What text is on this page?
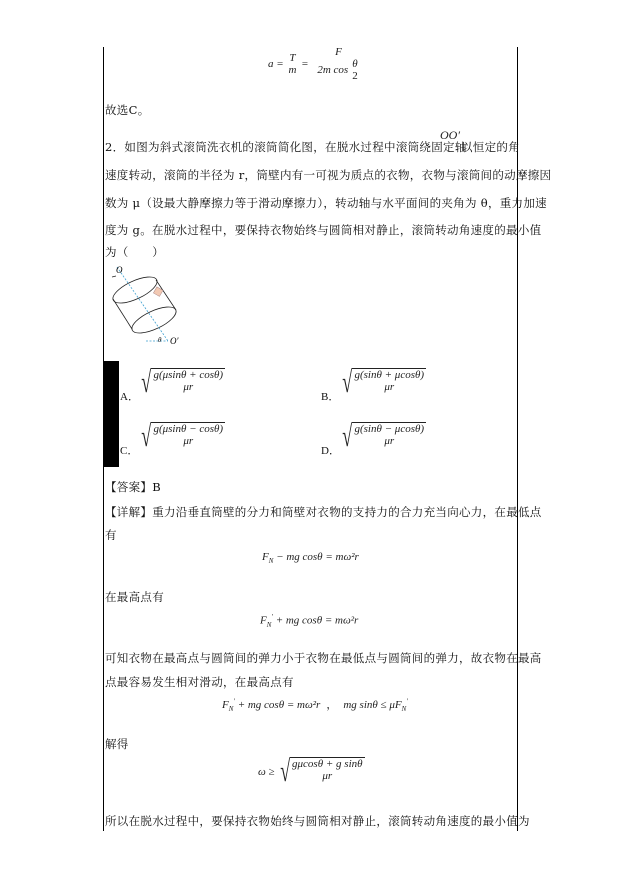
a = T
m =
F
2m cos θ
2
故选C。
2．如图为斜式滚筒洗衣机的滚筒简化图，在脱水过程中滚筒绕固定轴
OO′
以恒定的角
速度转动，滚筒的半径为 r，筒壁内有一可视为质点的衣物，衣物与滚筒间的动摩擦因
数为 μ（设最大静摩擦力等于滑动摩擦力），转动轴与水平面间的夹角为 θ，重力加速
度为 g。在脱水过程中，要保持衣物始终与圆筒相对静止，滚筒转动角速度的最小值
为（　　）
O
θ O′
A． √ g(μsinθ + cosθ)
μr
B． √ g(sinθ + μcosθ)
μr
C． √ g(μsinθ − cosθ)
μr
D． √ g(sinθ − μcosθ)
μr
【答案】B
【详解】重力沿垂直筒壁的分力和筒壁对衣物的支持力的合力充当向心力，在最低点
有
$F_N$ − mg cosθ = mω²r
在最高点有
$F_N'$ + mg cosθ = mω²r
可知衣物在最高点与圆筒间的弹力小于衣物在最低点与圆筒间的弹力，故衣物在最高
点最容易发生相对滑动，在最高点有
$F_N'$ + mg cosθ = mω²r ， mg $\sin\theta \le \mu F_N'$
解得
ω ≥ √ gμcosθ + g sinθ
μr
所以在脱水过程中，要保持衣物始终与圆筒相对静止，滚筒转动角速度的最小值为
